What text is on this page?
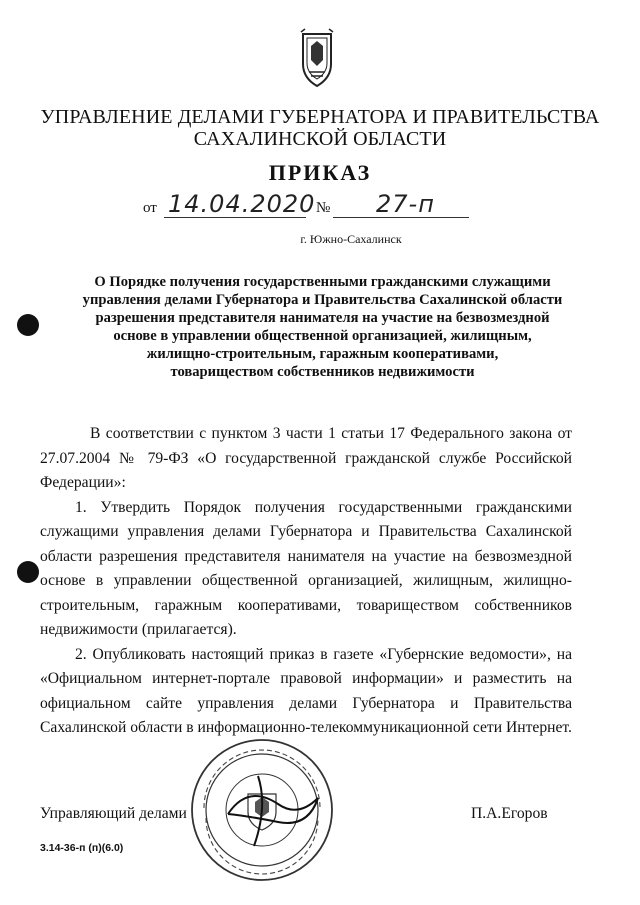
УПРАВЛЕНИЕ ДЕЛАМИ ГУБЕРНАТОРА И ПРАВИТЕЛЬСТВА
САХАЛИНСКОЙ ОБЛАСТИ
ПРИКАЗ
от 14.04.2020 № 27-п
г. Южно-Сахалинск
О Порядке получения государственными гражданскими служащими
управления делами Губернатора и Правительства Сахалинской области
разрешения представителя нанимателя на участие на безвозмездной
основе в управлении общественной организацией, жилищным,
жилищно-строительным, гаражным кооперативами,
товариществом собственников недвижимости

В соответствии с пунктом 3 части 1 статьи 17 Федерального закона от 27.07.2004 № 79-ФЗ «О государственной гражданской службе Российской Федерации»:

1. Утвердить Порядок получения государственными гражданскими служащими управления делами Губернатора и Правительства Сахалинской области разрешения представителя нанимателя на участие на безвозмездной основе в управлении общественной организацией, жилищным, жилищно-строительным, гаражным кооперативами, товариществом собственников недвижимости (прилагается).

2. Опубликовать настоящий приказ в газете «Губернские ведомости», на «Официальном интернет-портале правовой информации» и разместить на официальном сайте управления делами Губернатора и Правительства Сахалинской области в информационно-телекоммуникационной сети Интернет.

Управляющий делами	П.А.Егоров
3.14-36-п (п)(6.0)
